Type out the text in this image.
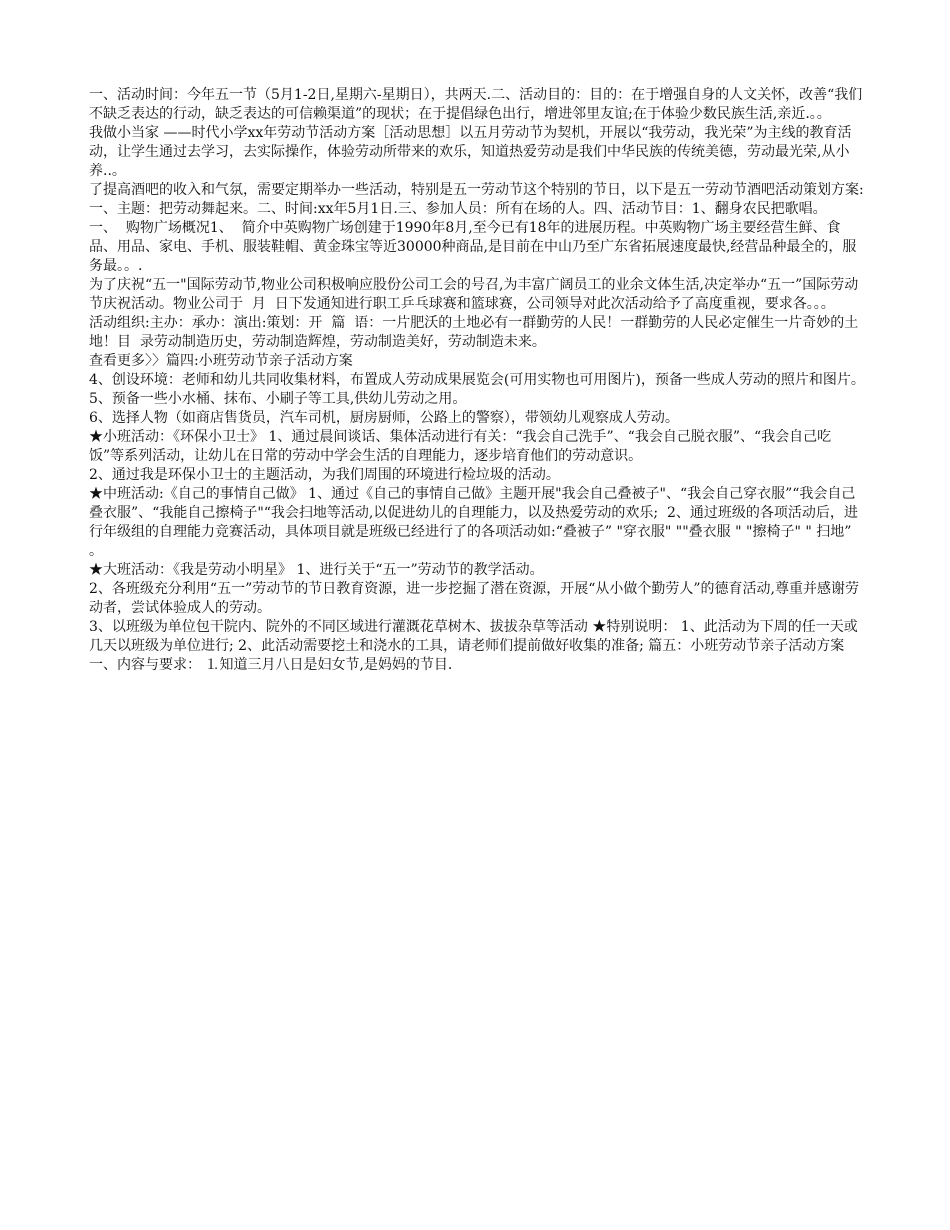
一、活动时间：今年五一节（5月1-2日,星期六-星期日），共两天.二、活动目的：目的：在于增强自身的人文关怀，改善“我们不缺乏表达的行动，缺乏表达的可信赖渠道”的现状；在于提倡绿色出行，增进邻里友谊;在于体验少数民族生活,亲近.。。

我做小当家 ——时代小学xx年劳动节活动方案［活动思想］以五月劳动节为契机，开展以“我劳动，我光荣”为主线的教育活动，让学生通过去学习，去实际操作，体验劳动所带来的欢乐，知道热爱劳动是我们中华民族的传统美德，劳动最光荣,从小养..。

了提高酒吧的收入和气氛，需要定期举办一些活动，特别是五一劳动节这个特别的节日，以下是五一劳动节酒吧活动策划方案:一、主题：把劳动舞起来。二、时间:xx年5月1日.三、参加人员：所有在场的人。四、活动节目：1、翻身农民把歌唱。

一、  购物广场概况1、  简介中英购物广场创建于1990年8月,至今已有18年的进展历程。中英购物广场主要经营生鲜、食品、用品、家电、手机、服装鞋帽、黄金珠宝等近30000种商品,是目前在中山乃至广东省拓展速度最快,经营品种最全的，服务最。。.

为了庆祝“五一"国际劳动节,物业公司积极响应股份公司工会的号召,为丰富广阔员工的业余文体生活,决定举办“五一”国际劳动节庆祝活动。物业公司于  月  日下发通知进行职工乒乓球赛和篮球赛，公司领导对此次活动给予了高度重视，要求各。。。

活动组织:主办：承办：演出:策划：开  篇  语：一片肥沃的土地必有一群勤劳的人民！一群勤劳的人民必定催生一片奇妙的土地！目  录劳动制造历史，劳动制造辉煌，劳动制造美好，劳动制造未来。

查看更多〉〉篇四:小班劳动节亲子活动方案

4、创设环境：老师和幼儿共同收集材料，布置成人劳动成果展览会(可用实物也可用图片)，预备一些成人劳动的照片和图片。

5、预备一些小水桶、抹布、小刷子等工具,供幼儿劳动之用。

6、选择人物（如商店售货员，汽车司机，厨房厨师，公路上的警察），带领幼儿观察成人劳动。

★小班活动：《环保小卫士》 1、通过晨间谈话、集体活动进行有关：“我会自己洗手”、“我会自己脱衣服”、“我会自己吃饭”等系列活动，让幼儿在日常的劳动中学会生活的自理能力，逐步培育他们的劳动意识。

2、通过我是环保小卫士的主题活动，为我们周围的环境进行检垃圾的活动。

★中班活动:《自己的事情自己做》 1、通过《自己的事情自己做》主题开展"我会自己叠被子"、“我会自己穿衣服”“我会自己叠衣服”、“我能自己擦椅子"“我会扫地等活动,以促进幼儿的自理能力，以及热爱劳动的欢乐;  2、通过班级的各项活动后，进行年级组的自理能力竞赛活动，具体项目就是班级已经进行了的各项活动如:“叠被子” "穿衣服" ""叠衣服 " "擦椅子" " 扫地” 。

★大班活动：《我是劳动小明星》 1、进行关于“五一”劳动节的教学活动。

2、各班级充分利用“五一”劳动节的节日教育资源，进一步挖掘了潜在资源，开展“从小做个勤劳人”的德育活动,尊重并感谢劳动者，尝试体验成人的劳动。

3、以班级为单位包干院内、院外的不同区域进行灌溉花草树木、拔拔杂草等活动 ★特别说明： 1、此活动为下周的任一天或几天以班级为单位进行; 2、此活动需要挖土和浇水的工具，请老师们提前做好收集的准备; 篇五：小班劳动节亲子活动方案

一、内容与要求： ⒈知道三月八日是妇女节,是妈妈的节目.
